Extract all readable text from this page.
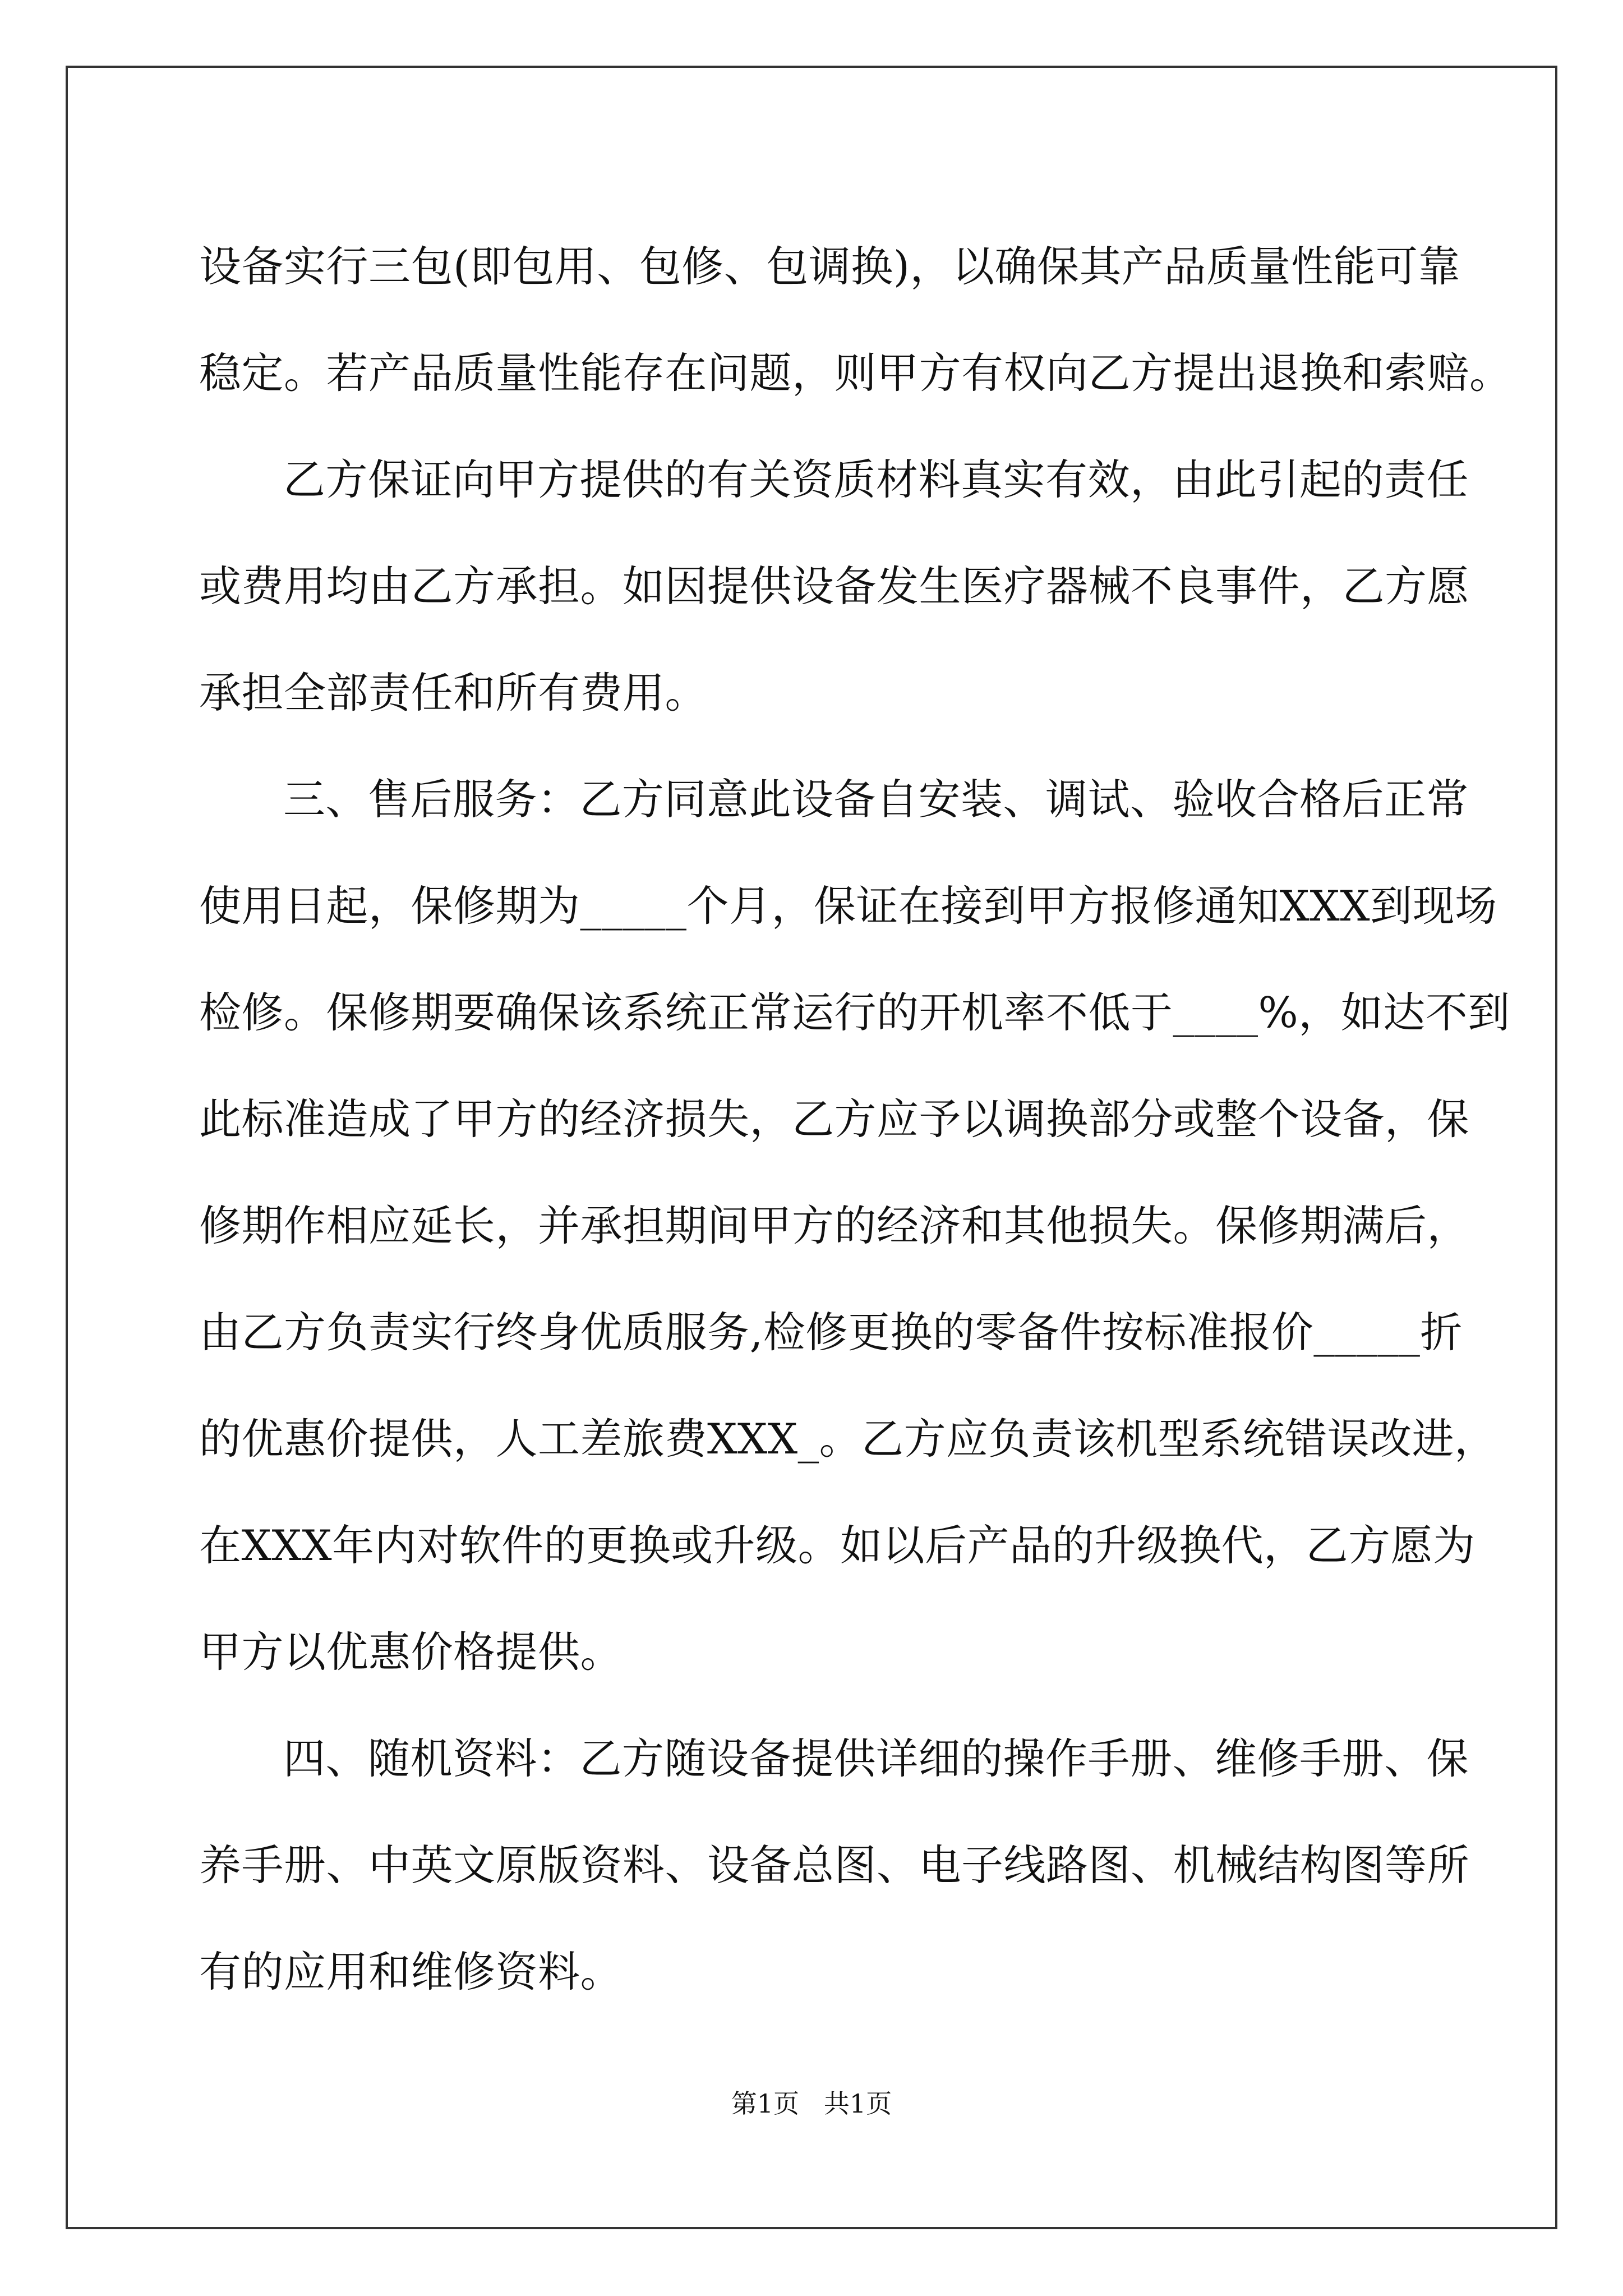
设备实行三包(即包用、包修、包调换)，以确保其产品质量性能可靠
稳定。若产品质量性能存在问题，则甲方有权向乙方提出退换和索赔。
乙方保证向甲方提供的有关资质材料真实有效，由此引起的责任
或费用均由乙方承担。如因提供设备发生医疗器械不良事件，乙方愿
承担全部责任和所有费用。
三、售后服务：乙方同意此设备自安装、调试、验收合格后正常
使用日起，保修期为_____个月，保证在接到甲方报修通知XXX到现场
检修。保修期要确保该系统正常运行的开机率不低于____%，如达不到
此标准造成了甲方的经济损失，乙方应予以调换部分或整个设备，保
修期作相应延长，并承担期间甲方的经济和其他损失。保修期满后，
由乙方负责实行终身优质服务,检修更换的零备件按标准报价_____折
的优惠价提供，人工差旅费XXX_。乙方应负责该机型系统错误改进，
在XXX年内对软件的更换或升级。如以后产品的升级换代，乙方愿为
甲方以优惠价格提供。
四、随机资料：乙方随设备提供详细的操作手册、维修手册、保
养手册、中英文原版资料、设备总图、电子线路图、机械结构图等所
有的应用和维修资料。
第1页   共1页
